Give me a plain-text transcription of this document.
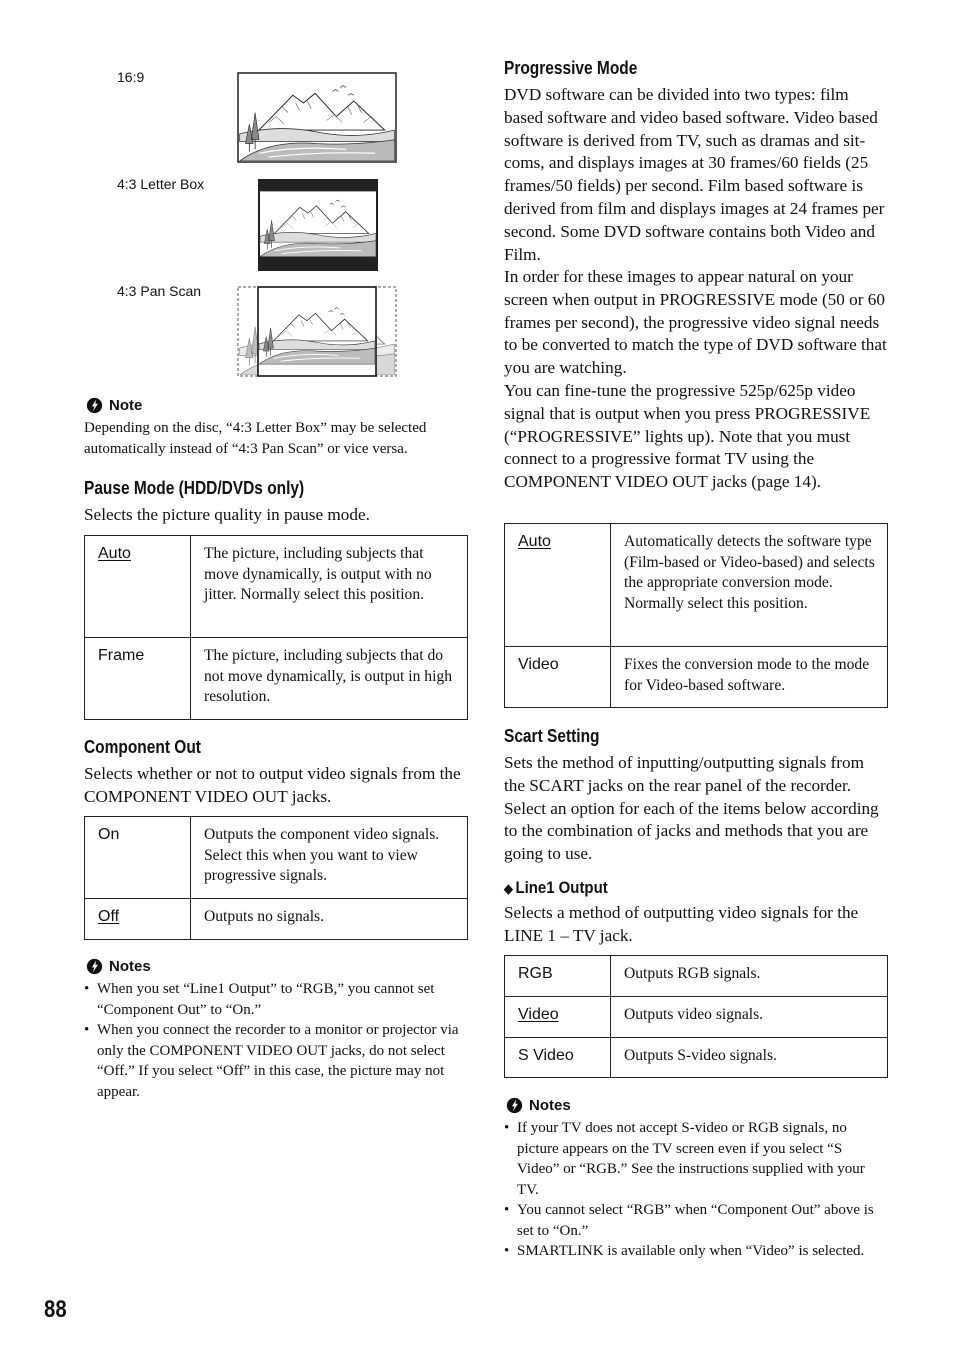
16:9
4:3 Letter Box
4:3 Pan Scan
Note

Depending on the disc, “4:3 Letter Box” may be selected automatically instead of “4:3 Pan Scan” or vice versa.

Pause Mode (HDD/DVDs only)

Selects the picture quality in pause mode.

Auto	The picture, including subjects that move dynamically, is output with no jitter. Normally select this position.
Frame	The picture, including subjects that do not move dynamically, is output in high resolution.
Component Out

Selects whether or not to output video signals from the COMPONENT VIDEO OUT jacks.

On	Outputs the component video signals. Select this when you want to view progressive signals.
Off	Outputs no signals.
Notes
• When you set “Line1 Output” to “RGB,” you cannot set “Component Out” to “On.”
• When you connect the recorder to a monitor or projector via only the COMPONENT VIDEO OUT jacks, do not select “Off.” If you select “Off” in this case, the picture may not appear.
Progressive Mode

DVD software can be divided into two types: film based software and video based software. Video based software is derived from TV, such as dramas and sit-coms, and displays images at 30 frames/60 fields (25 frames/50 fields) per second. Film based software is derived from film and displays images at 24 frames per second. Some DVD software contains both Video and Film.

In order for these images to appear natural on your screen when output in PROGRESSIVE mode (50 or 60 frames per second), the progressive video signal needs to be converted to match the type of DVD software that you are watching.

You can fine-tune the progressive 525p/625p video signal that is output when you press PROGRESSIVE (“PROGRESSIVE” lights up). Note that you must connect to a progressive format TV using the COMPONENT VIDEO OUT jacks (page 14).

Auto	Automatically detects the software type (Film-based or Video-based) and selects the appropriate conversion mode. Normally select this position.
Video	Fixes the conversion mode to the mode for Video-based software.
Scart Setting

Sets the method of inputting/outputting signals from the SCART jacks on the rear panel of the recorder. Select an option for each of the items below according to the combination of jacks and methods that you are going to use.

◆ Line1 Output

Selects a method of outputting video signals for the LINE 1 – TV jack.

RGB	Outputs RGB signals.
Video	Outputs video signals.
S Video	Outputs S-video signals.
Notes
• If your TV does not accept S-video or RGB signals, no picture appears on the TV screen even if you select “S Video” or “RGB.” See the instructions supplied with your TV.
• You cannot select “RGB” when “Component Out” above is set to “On.”
• SMARTLINK is available only when “Video” is selected.
88
